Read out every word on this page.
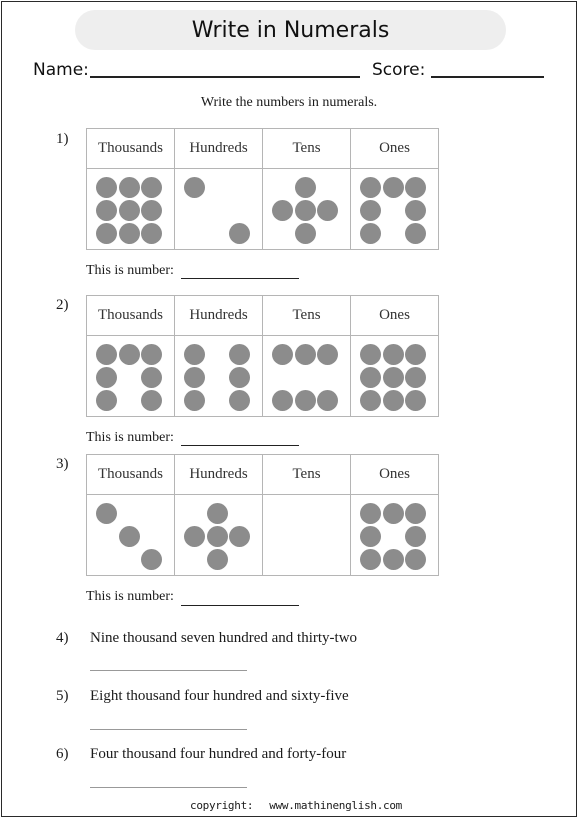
Write in Numerals
Name:	Score:
Write the numbers in numerals.
1)
Thousands	Hundreds	Tens	Ones

This is number:
2)
Thousands	Hundreds	Tens	Ones

This is number:
3)
Thousands	Hundreds	Tens	Ones

This is number:
4) Nine thousand seven hundred and thirty-two
5) Eight thousand four hundred and sixty-five
6) Four thousand four hundred and forty-four
copyright: www.mathinenglish.com
